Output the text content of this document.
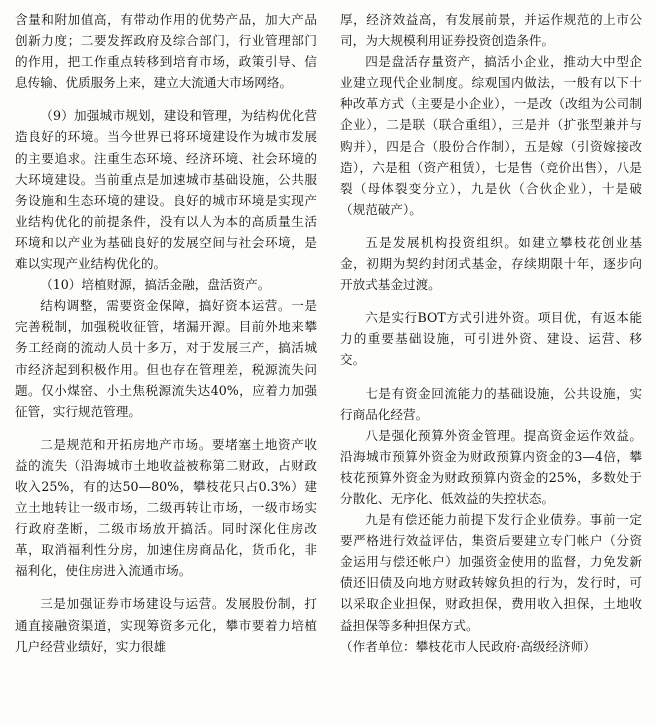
含量和附加值高，有带动作用的优势产品，加大产品创新力度；二要发挥政府及综合部门，行业管理部门的作用，把工作重点转移到培育市场，政策引导、信息传输、优质服务上来，建立大流通大市场网络。

（9）加强城市规划，建设和管理，为结构优化营造良好的环境。当今世界已将环境建设作为城市发展的主要追求。注重生态环境、经济环境、社会环境的大环境建设。当前重点是加速城市基础设施，公共服务设施和生态环境的建设。良好的城市环境是实现产业结构优化的前提条件，没有以人为本的高质量生活环境和以产业为基础良好的发展空间与社会环境，是难以实现产业结构优化的。

（10）培植财源，搞活金融，盘活资产。

结构调整，需要资金保障，搞好资本运营。一是完善税制，加强税收征管，堵漏开源。目前外地来攀务工经商的流动人员十多万，对于发展三产，搞活城市经济起到积极作用。但也存在管理差，税源流失问题。仅小煤窑、小土焦税源流失达40%，应着力加强征管，实行规范管理。

二是规范和开拓房地产市场。要堵塞土地资产收益的流失（沿海城市土地收益被称第二财政，占财政收入25%，有的达50—80%，攀枝花只占0.3%）建立土地转让一级市场，二级再转让市场，一级市场实行政府垄断，二级市场放开搞活。同时深化住房改革，取消福利性分房，加速住房商品化，货币化，非福利化，使住房进入流通市场。

三是加强证券市场建设与运营。发展股份制，打通直接融资渠道，实现筹资多元化，攀市要着力培植几户经营业绩好，实力很雄

厚，经济效益高，有发展前景，并运作规范的上市公司，为大规模利用证券投资创造条件。

四是盘活存量资产，搞活小企业，推动大中型企业建立现代企业制度。综观国内做法，一般有以下十种改革方式（主要是小企业），一是改（改组为公司制企业），二是联（联合重组），三是并（扩张型兼并与购并），四是合（股份合作制），五是嫁（引资嫁接改造），六是租（资产租赁），七是售（竞价出售），八是裂（母体裂变分立），九是伙（合伙企业），十是破（规范破产）。

五是发展机构投资组织。如建立攀枝花创业基金，初期为契约封闭式基金，存续期限十年，逐步向开放式基金过渡。

六是实行BOT方式引进外资。项目优，有返本能力的重要基础设施，可引进外资、建设、运营、移交。

七是有资金回流能力的基础设施，公共设施，实行商品化经营。

八是强化预算外资金管理。提高资金运作效益。沿海城市预算外资金为财政预算内资金的3—4倍，攀枝花预算外资金为财政预算内资金的25%，多数处于分散化、无序化、低效益的失控状态。

九是有偿还能力前提下发行企业债券。事前一定要严格进行效益评估，集资后要建立专门帐户（分资金运用与偿还帐户）加强资金使用的监督，力免发新债还旧债及向地方财政转嫁负担的行为，发行时，可以采取企业担保，财政担保，费用收入担保，土地收益担保等多种担保方式。

（作者单位：攀枝花市人民政府·高级经济师）
